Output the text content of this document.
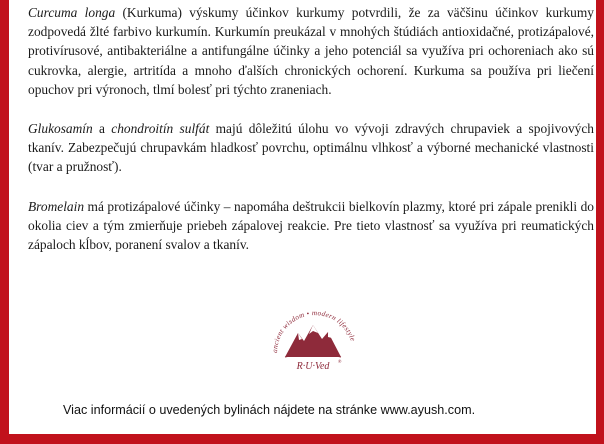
Curcuma longa (Kurkuma) výskumy účinkov kurkumy potvrdili, že za väčšinu účinkov kurkumy zodpovedá žlté farbivo kurkumín. Kurkumín preukázal v mnohých štúdiách antioxidačné, protizápalové, protivírusové, antibakteriálne a antifungálne účinky a jeho potenciál sa využíva pri ochoreniach ako sú cukrovka, alergie, artritída a mnoho ďalších chronických ochorení. Kurkuma sa používa pri liečení opuchov pri výronoch, tlmí bolesť pri týchto zraneniach.

Glukosamín a chondroitín sulfát majú dôležitú úlohu vo vývoji zdravých chrupaviek a spojivových tkanív. Zabezpečujú chrupavkám hladkosť povrchu, optimálnu vlhkosť a výborné mechanické vlastnosti (tvar a pružnosť).

Bromelain má protizápalové účinky – napomáha deštrukcii bielkovín plazmy, ktoré pri zápale prenikli do okolia ciev a tým zmierňuje priebeh zápalovej reakcie. Pre tieto vlastnosť sa využíva pri reumatických zápaloch kĺbov, poranení svalov a tkanív.

ancient wisdom • modern lifestyle
R·U·Ved ®
Viac informácií o uvedených bylinách nájdete na stránke www.ayush.com.
